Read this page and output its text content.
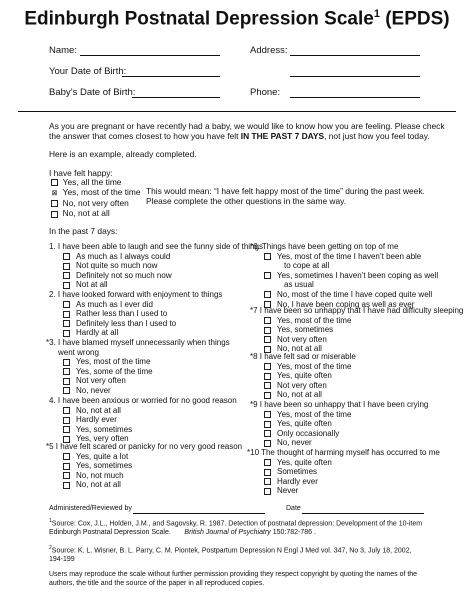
Edinburgh Postnatal Depression Scale$^1$ (EPDS)
Name:	Address:
Your Date of Birth:
Baby’s Date of Birth:	Phone:
As you are pregnant or have recently had a baby, we would like to know how you are feeling. Please check
the answer that comes closest to how you have felt IN THE PAST 7 DAYS, not just how you feel today.
Here is an example, already completed.
I have felt happy:
Yes, all the time
⊠ Yes, most of the time
No, not very often
No, not at all
This would mean: “I have felt happy most of the time” during the past week.
Please complete the other questions in the same way.
In the past 7 days:
1. I have been able to laugh and see the funny side of things
As much as I always could
Not quite so much now
Definitely not so much now
Not at all
2. I have looked forward with enjoyment to things
As much as I ever did
Rather less than I used to
Definitely less than I used to
Hardly at all
*3. I have blamed myself unnecessarily when things
went wrong
Yes, most of the time
Yes, some of the time
Not very often
No, never
4. I have been anxious or worried for no good reason
No, not at all
Hardly ever
Yes, sometimes
Yes, very often
*5 I have felt scared or panicky for no very good reason
Yes, quite a lot
Yes, sometimes
No, not much
No, not at all
*6. Things have been getting on top of me
Yes, most of the time I haven’t been able
to cope at all
Yes, sometimes I haven’t been coping as well
as usual
No, most of the time I have coped quite well
No, I have been coping as well as ever
*7 I have been so unhappy that I have had difficulty sleeping
Yes, most of the time
Yes, sometimes
Not very often
No, not at all
*8 I have felt sad or miserable
Yes, most of the time
Yes, quite often
Not very often
No, not at all
*9 I have been so unhappy that I have been crying
Yes, most of the time
Yes, quite often
Only occasionally
No, never
*10 The thought of harming myself has occurred to me
Yes, quite often
Sometimes
Hardly ever
Never
Administered/Reviewed by	Date
$^1$Source: Cox, J.L., Holden, J.M., and Sagovsky, R. 1987. Detection of postnatal depression: Development of the 10-item
Edinburgh Postnatal Depression Scale.       British Journal of Psychiatry 150:782-786 .
$^2$Source: K. L. Wisner, B. L. Parry, C. M. Piontek, Postpartum Depression N Engl J Med vol. 347, No 3, July 18, 2002,
194-199
Users may reproduce the scale without further permission providing they respect copyright by quoting the names of the
authors, the title and the source of the paper in all reproduced copies.
